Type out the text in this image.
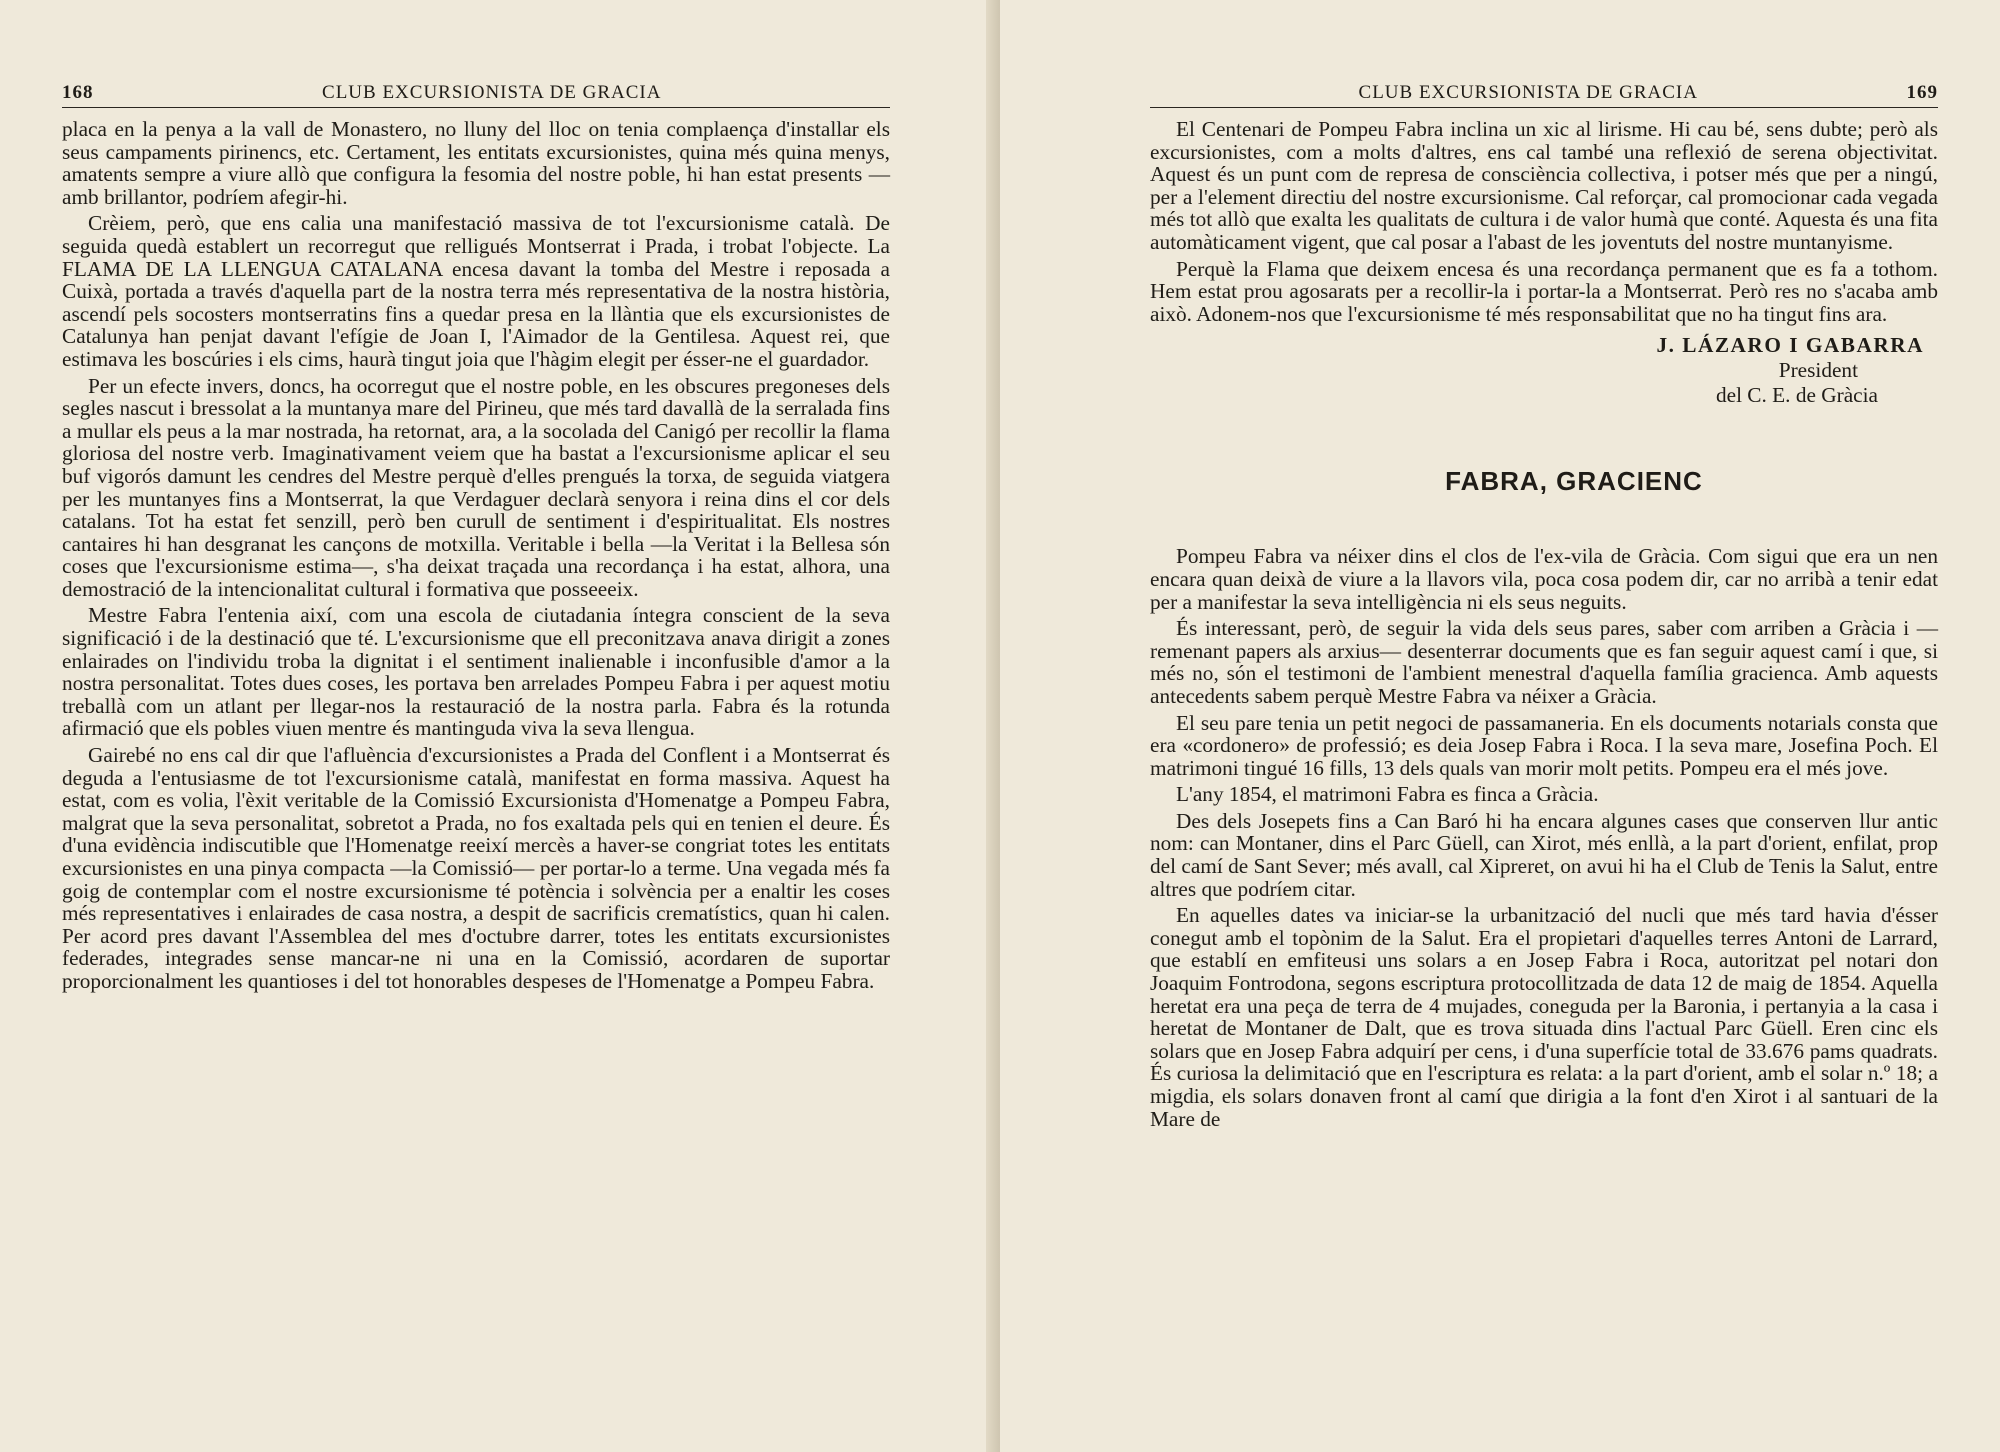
168	CLUB EXCURSIONISTA DE GRACIA

placa en la penya a la vall de Monastero, no lluny del lloc on tenia complaença d'installar els seus campaments pirinencs, etc. Certament, les entitats excursionistes, quina més quina menys, amatents sempre a viure allò que configura la fesomia del nostre poble, hi han estat presents —amb brillantor, podríem afegir-hi.

Crèiem, però, que ens calia una manifestació massiva de tot l'excursionisme català. De seguida quedà establert un recorregut que relligués Montserrat i Prada, i trobat l'objecte. La FLAMA DE LA LLENGUA CATALANA encesa davant la tomba del Mestre i reposada a Cuixà, portada a través d'aquella part de la nostra terra més representativa de la nostra història, ascendí pels socosters montserratins fins a quedar presa en la llàntia que els excursionistes de Catalunya han penjat davant l'efígie de Joan I, l'Aimador de la Gentilesa. Aquest rei, que estimava les boscúries i els cims, haurà tingut joia que l'hàgim elegit per ésser-ne el guardador.

Per un efecte invers, doncs, ha ocorregut que el nostre poble, en les obscures pregoneses dels segles nascut i bressolat a la muntanya mare del Pirineu, que més tard davallà de la serralada fins a mullar els peus a la mar nostrada, ha retornat, ara, a la socolada del Canigó per recollir la flama gloriosa del nostre verb. Imaginativament veiem que ha bastat a l'excursionisme aplicar el seu buf vigorós damunt les cendres del Mestre perquè d'elles prengués la torxa, de seguida viatgera per les muntanyes fins a Montserrat, la que Verdaguer declarà senyora i reina dins el cor dels catalans. Tot ha estat fet senzill, però ben curull de sentiment i d'espiritualitat. Els nostres cantaires hi han desgranat les cançons de motxilla. Veritable i bella —la Veritat i la Bellesa són coses que l'excursionisme estima—, s'ha deixat traçada una recordança i ha estat, alhora, una demostració de la intencionalitat cultural i formativa que posseeeix.

Mestre Fabra l'entenia així, com una escola de ciutadania íntegra conscient de la seva significació i de la destinació que té. L'excursionisme que ell preconitzava anava dirigit a zones enlairades on l'individu troba la dignitat i el sentiment inalienable i inconfusible d'amor a la nostra personalitat. Totes dues coses, les portava ben arrelades Pompeu Fabra i per aquest motiu treballà com un atlant per llegar-nos la restauració de la nostra parla. Fabra és la rotunda afirmació que els pobles viuen mentre és mantinguda viva la seva llengua.

Gairebé no ens cal dir que l'afluència d'excursionistes a Prada del Conflent i a Montserrat és deguda a l'entusiasme de tot l'excursionisme català, manifestat en forma massiva. Aquest ha estat, com es volia, l'èxit veritable de la Comissió Excursionista d'Homenatge a Pompeu Fabra, malgrat que la seva personalitat, sobretot a Prada, no fos exaltada pels qui en tenien el deure. És d'una evidència indiscutible que l'Homenatge reeixí mercès a haver-se congriat totes les entitats excursionistes en una pinya compacta —la Comissió— per portar-lo a terme. Una vegada més fa goig de contemplar com el nostre excursionisme té potència i solvència per a enaltir les coses més representatives i enlairades de casa nostra, a despit de sacrificis crematístics, quan hi calen. Per acord pres davant l'Assemblea del mes d'octubre darrer, totes les entitats excursionistes federades, integrades sense mancar-ne ni una en la Comissió, acordaren de suportar proporcionalment les quantioses i del tot honorables despeses de l'Homenatge a Pompeu Fabra.

CLUB EXCURSIONISTA DE GRACIA	169

El Centenari de Pompeu Fabra inclina un xic al lirisme. Hi cau bé, sens dubte; però als excursionistes, com a molts d'altres, ens cal també una reflexió de serena objectivitat. Aquest és un punt com de represa de consciència collectiva, i potser més que per a ningú, per a l'element directiu del nostre excursionisme. Cal reforçar, cal promocionar cada vegada més tot allò que exalta les qualitats de cultura i de valor humà que conté. Aquesta és una fita automàticament vigent, que cal posar a l'abast de les joventuts del nostre muntanyisme.

Perquè la Flama que deixem encesa és una recordança permanent que es fa a tothom. Hem estat prou agosarats per a recollir-la i portar-la a Montserrat. Però res no s'acaba amb això. Adonem-nos que l'excursionisme té més responsabilitat que no ha tingut fins ara.

J. LÁZARO I GABARRA
President
del C. E. de Gràcia
FABRA, GRACIENC

Pompeu Fabra va néixer dins el clos de l'ex-vila de Gràcia. Com sigui que era un nen encara quan deixà de viure a la llavors vila, poca cosa podem dir, car no arribà a tenir edat per a manifestar la seva intelligència ni els seus neguits.

És interessant, però, de seguir la vida dels seus pares, saber com arriben a Gràcia i —remenant papers als arxius— desenterrar documents que es fan seguir aquest camí i que, si més no, són el testimoni de l'ambient menestral d'aquella família gracienca. Amb aquests antecedents sabem perquè Mestre Fabra va néixer a Gràcia.

El seu pare tenia un petit negoci de passamaneria. En els documents notarials consta que era «cordonero» de professió; es deia Josep Fabra i Roca. I la seva mare, Josefina Poch. El matrimoni tingué 16 fills, 13 dels quals van morir molt petits. Pompeu era el més jove.

L'any 1854, el matrimoni Fabra es finca a Gràcia.

Des dels Josepets fins a Can Baró hi ha encara algunes cases que conserven llur antic nom: can Montaner, dins el Parc Güell, can Xirot, més enllà, a la part d'orient, enfilat, prop del camí de Sant Sever; més avall, cal Xipreret, on avui hi ha el Club de Tenis la Salut, entre altres que podríem citar.

En aquelles dates va iniciar-se la urbanització del nucli que més tard havia d'ésser conegut amb el topònim de la Salut. Era el propietari d'aquelles terres Antoni de Larrard, que establí en emfiteusi uns solars a en Josep Fabra i Roca, autoritzat pel notari don Joaquim Fontrodona, segons escriptura protocollitzada de data 12 de maig de 1854. Aquella heretat era una peça de terra de 4 mujades, coneguda per la Baronia, i pertanyia a la casa i heretat de Montaner de Dalt, que es trova situada dins l'actual Parc Güell. Eren cinc els solars que en Josep Fabra adquirí per cens, i d'una superfície total de 33.676 pams quadrats. És curiosa la delimitació que en l'escriptura es relata: a la part d'orient, amb el solar n.º 18; a migdia, els solars donaven front al camí que dirigia a la font d'en Xirot i al santuari de la Mare de
